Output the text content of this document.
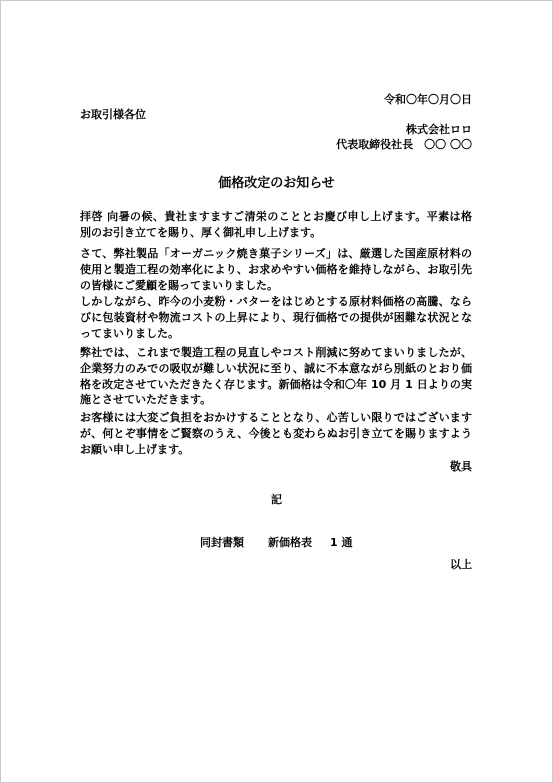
令和〇年〇月〇日
お取引様各位
株式会社ロロ
代表取締役社長　〇〇 〇〇
価格改定のお知らせ
拝啓 向暑の候、貴社ますますご清栄のこととお慶び申し上げます。平素は格
別のお引き立てを賜り、厚く御礼申し上げます。
さて、弊社製品「オーガニック焼き菓子シリーズ」は、厳選した国産原材料の
使用と製造工程の効率化により、お求めやすい価格を維持しながら、お取引先
の皆様にご愛顧を賜ってまいりました。
しかしながら、昨今の小麦粉・バターをはじめとする原材料価格の高騰、なら
びに包装資材や物流コストの上昇により、現行価格での提供が困難な状況とな
ってまいりました。
弊社では、これまで製造工程の見直しやコスト削減に努めてまいりましたが、
企業努力のみでの吸収が難しい状況に至り、誠に不本意ながら別紙のとおり価
格を改定させていただきたく存じます。新価格は令和〇年 10 月 1 日よりの実
施とさせていただきます。
お客様には大変ご負担をおかけすることとなり、心苦しい限りではございます
が、何とぞ事情をご賢察のうえ、今後とも変わらぬお引き立てを賜りますよう
お願い申し上げます。
敬具
記
同封書類 新価格表 1 通
以上
